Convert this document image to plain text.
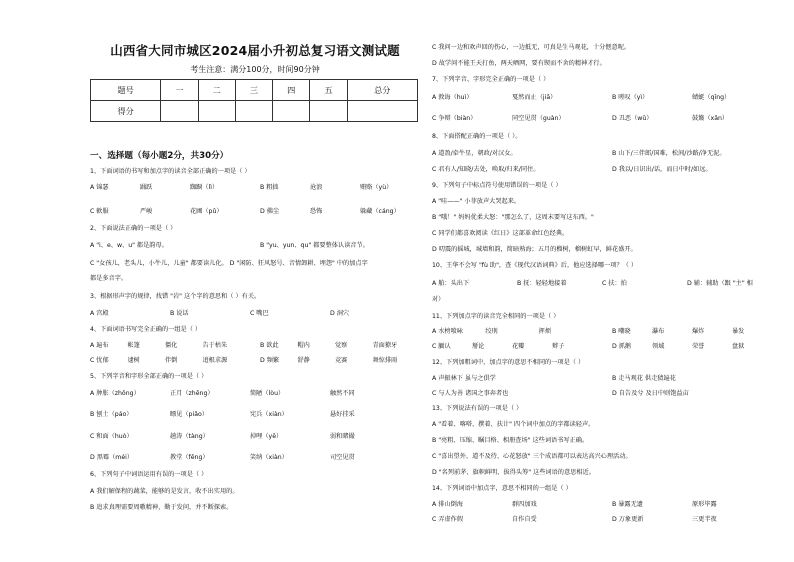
山西省大同市城区2024届小升初总复习语文测试题
考生注意：满分100分，时间90分钟
题号	一	二	三	四	五	总分
得分						
一、选择题（每小题2分，共30分）
1、下面词语的书写和加点字的读音全部正确的一项是（ ）
A 锦瑟	踊跃	踟蹰（lì）	B 粗拙	沧浪	贿赂（yù）
C 軟服	严峻	花圃（pǔ）	D 佛尘	恐怖	躲藏（cáng）
2、下面说法正确的一项是（ ）
A "i、e、w、u" 都是韵母。	B "yu、yun、qu" 都要整体认读音节。
C "女孩儿，老头儿，小牛儿，儿童" 都要读儿化。 D "闲防、狂风怒号、音情卸耕、埋怨" 中的加点字
都是多音字。
3、根据形声字的规律，找错 "岩" 这个字的意思和（ ）有关。
A 宫殿	B 说话	C 嘴巴	D 洞穴
4、下面词语书写完全正确的一组是（ ）
A 遍布	帐篷	僵化	告于枯朱	B 欲此	帽内	觉察	青面獠牙
C 忧郁	逮树	伴倒	追根求源	D 频繁	舒静	竞赛	舞惊排雨
5、下列字音和字形全部正确的一项是（ ）
A 肿胀（zhǒng）	正月（zhēng）	简陋（lòu）	触然不同
B 刨土（páo）	瞟见（piǎo）	宪兵（xiàn）	悬好挂采
C 和面（huò）	趟涛（tàng）	掉哩（yě）	弱和睹撮
D 黑霉（méi）	教堂（fēng）	笑纳（xiàn）	司空见贯
6、下列句子中词语运用有误的一项是（ ）
A 我们解保程的蔬菜，能够的是发言，收不出实用的。
B 追求真理需要周嗷精神，勤于发问，并不断探索。
C 我问一边和欢声回的伤心，一边抵无，可真是生马观花，十分惬意呢。
D 故学问不能王天打鱼，两天晒网，要有锲而不舍的精神才行。
7、下列字音、字形完全正确的一项是（ ）
A 敦诲（huì）	戛然而止（jiā）	B 嗟叹（yì）	蜻蜓（qīng）
C 争辩（biàn）	同空见贯（guàn）	D 丑恶（wǔ）	鼓簸（xǎn）
8、下面搭配正确的一项是（ ）。
A 道盈/牵牛星，朝政/对汉女。	B 山下/三伴郎/国难，松间/沙路/净无泥。
C 君有人/知晓/去处，唤取/归来/同住。	D 我以/日识出/话，而日中时/如远。
9、下列句子中标点符号使用错误的一项是（ ）
A "哇——" 小菲放声大哭起来。
B "哦！" 妈妈优柔大怒："那怎么了，这周末要写这东西。"
C 同学们都喜欢阅读《红日》这部革命红色经典。
D 叨震的摇城，城墙和韵，简暗熟海；五月的榴树，榴树虹早，鲜花盛开。
10、王华不会写 "fù 助"，查《现代汉语词典》后，他应选择哪一项？（ ）
A 舶：头出下	B 抚：轻轻地接着	C 扶：拍	D 辅：辅助（跟 "主" 相
对）
11、下列加点字的读音完全相同的一项是（ ）
A 水榜喷咏	绞刑	挥烦	B 嘲晓	瀑布	爆炸	暴发
C 腼认	掰论	花瓣	辫子	D 抓鹅	领域	荣誉	盘狱
12、下列加粗词中，加点字的意思不相同的一项是（ ）
A 声振林下 虽与之俱学	B 走马观花 供走猜遍花
C 与人为善 诸国之事奔者也	D 自告及兮 及日中则饱益亩
13、下列说法有误的一项是（ ）
A "看着、喀嗒、撰着、扶计" 四个词中加点的字都读轻声。
B "亮粗、压缩、瞩目格、相册查场" 这些词语书写正确。
C "喜出望外、道不及待、心花怒放" 三个成语都可以表达高兴心理活动。
D "名列前茅、旗帜鲜明、拔得头筹" 这些词语的意思相近。
14、下列词语中加点字，意思不相同的一组是（ ）
A 排山倒海	群四加戏	B 暴露无遗	原形毕露
C 弄虚作假	自作自受	D 万象更新	三更半夜
